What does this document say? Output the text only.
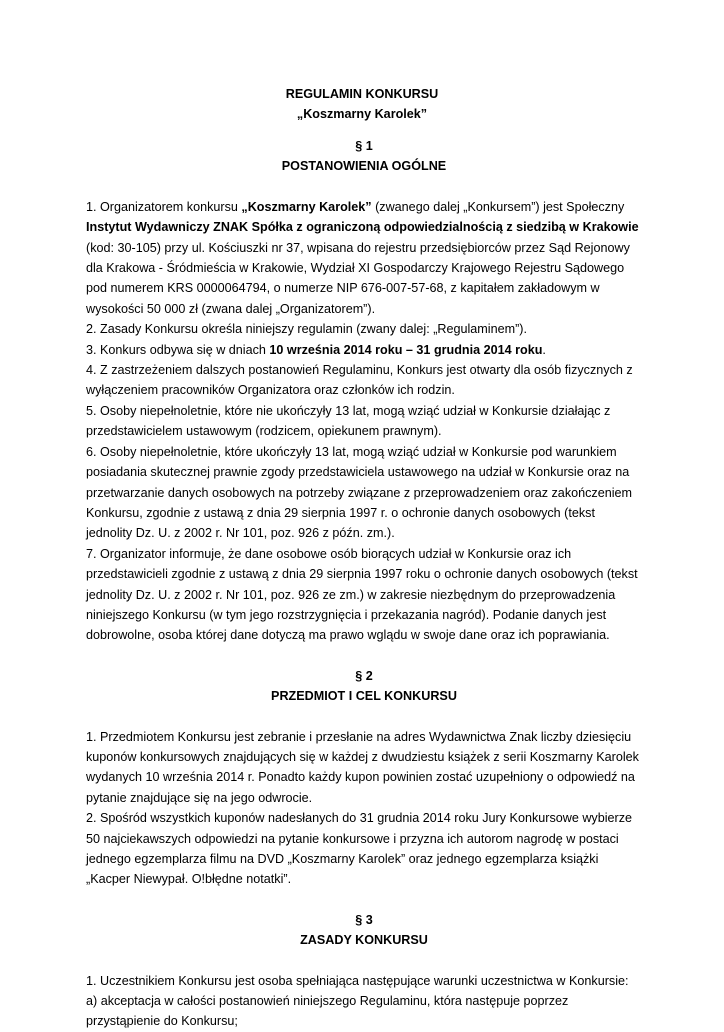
REGULAMIN KONKURSU

„Koszmarny Karolek”

§ 1

POSTANOWIENIA OGÓLNE

1. Organizatorem konkursu „Koszmarny Karolek” (zwanego dalej „Konkursem”) jest Społeczny Instytut Wydawniczy ZNAK Spółka z ograniczoną odpowiedzialnością z siedzibą w Krakowie (kod: 30-105) przy ul. Kościuszki nr 37, wpisana do rejestru przedsiębiorców przez Sąd Rejonowy dla Krakowa - Śródmieścia w Krakowie, Wydział XI Gospodarczy Krajowego Rejestru Sądowego pod numerem KRS 0000064794, o numerze NIP 676-007-57-68, z kapitałem zakładowym w wysokości 50 000 zł (zwana dalej „Organizatorem”).

2. Zasady Konkursu określa niniejszy regulamin (zwany dalej: „Regulaminem”).

3. Konkurs odbywa się w dniach 10 września 2014 roku – 31 grudnia 2014 roku.

4. Z zastrzeżeniem dalszych postanowień Regulaminu, Konkurs jest otwarty dla osób fizycznych z wyłączeniem pracowników Organizatora oraz członków ich rodzin.

5. Osoby niepełnoletnie, które nie ukończyły 13 lat, mogą wziąć udział w Konkursie działając z przedstawicielem ustawowym (rodzicem, opiekunem prawnym).

6. Osoby niepełnoletnie, które ukończyły 13 lat, mogą wziąć udział w Konkursie pod warunkiem posiadania skutecznej prawnie zgody przedstawiciela ustawowego na udział w Konkursie oraz na przetwarzanie danych osobowych na potrzeby związane z przeprowadzeniem oraz zakończeniem Konkursu, zgodnie z ustawą z dnia 29 sierpnia 1997 r. o ochronie danych osobowych (tekst jednolity Dz. U. z 2002 r. Nr 101, poz. 926 z późn. zm.).

7. Organizator informuje, że dane osobowe osób biorących udział w Konkursie oraz ich przedstawicieli zgodnie z ustawą z dnia 29 sierpnia 1997 roku o ochronie danych osobowych (tekst jednolity Dz. U. z 2002 r. Nr 101, poz. 926 ze zm.) w zakresie niezbędnym do przeprowadzenia niniejszego Konkursu (w tym jego rozstrzygnięcia i przekazania nagród). Podanie danych jest dobrowolne, osoba której dane dotyczą ma prawo wglądu w swoje dane oraz ich poprawiania.

§ 2

PRZEDMIOT I CEL KONKURSU

1. Przedmiotem Konkursu jest zebranie i przesłanie na adres Wydawnictwa Znak liczby dziesięciu kuponów konkursowych znajdujących się w każdej z dwudziestu książek z serii Koszmarny Karolek wydanych 10 września 2014 r. Ponadto każdy kupon powinien zostać uzupełniony o odpowiedź na pytanie znajdujące się na jego odwrocie.

2. Spośród wszystkich kuponów nadesłanych do 31 grudnia 2014 roku Jury Konkursowe wybierze 50 najciekawszych odpowiedzi na pytanie konkursowe i przyzna ich autorom nagrodę w postaci jednego egzemplarza filmu na DVD „Koszmarny Karolek” oraz jednego egzemplarza książki „Kacper Niewypał. O!błędne notatki”.

§ 3

ZASADY KONKURSU

1. Uczestnikiem Konkursu jest osoba spełniająca następujące warunki uczestnictwa w Konkursie:

a) akceptacja w całości postanowień niniejszego Regulaminu, która następuje poprzez przystąpienie do Konkursu;
